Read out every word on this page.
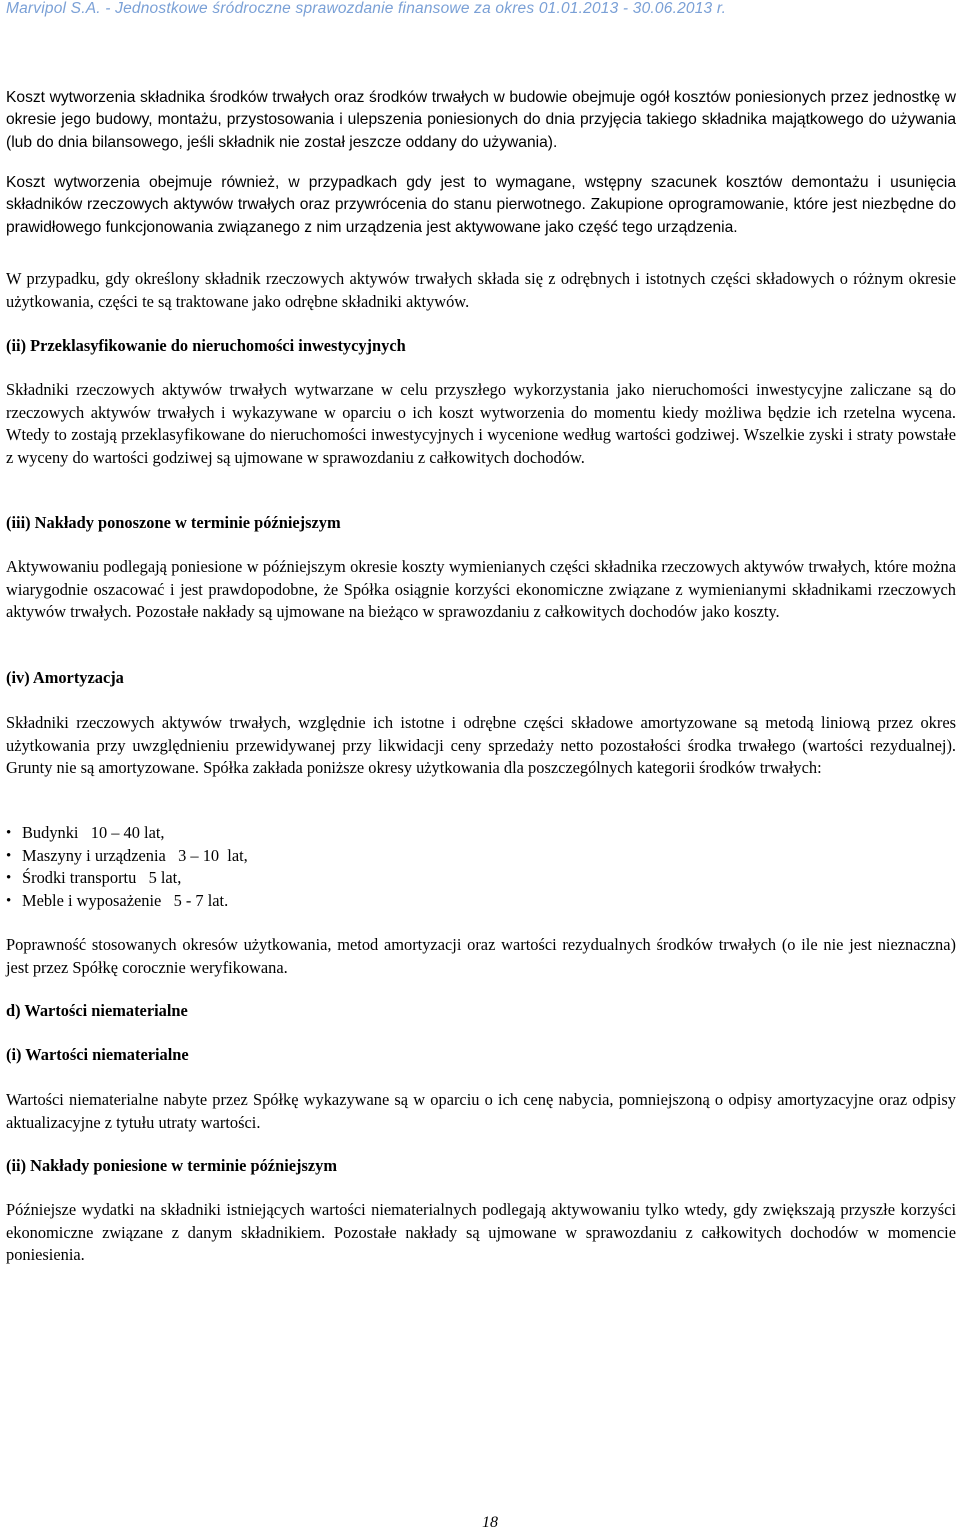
Marvipol S.A. - Jednostkowe śródroczne sprawozdanie finansowe za okres 01.01.2013 - 30.06.2013 r.

Koszt wytworzenia składnika środków trwałych oraz środków trwałych w budowie obejmuje ogół kosztów poniesionych przez jednostkę w okresie jego budowy, montażu, przystosowania i ulepszenia poniesionych do dnia przyjęcia takiego składnika majątkowego do używania (lub do dnia bilansowego, jeśli składnik nie został jeszcze oddany do używania).

Koszt wytworzenia obejmuje również, w przypadkach gdy jest to wymagane, wstępny szacunek kosztów demontażu i usunięcia składników rzeczowych aktywów trwałych oraz przywrócenia do stanu pierwotnego. Zakupione oprogramowanie, które jest niezbędne do prawidłowego funkcjonowania związanego z nim urządzenia jest aktywowane jako część tego urządzenia.

W przypadku, gdy określony składnik rzeczowych aktywów trwałych składa się z odrębnych i istotnych części składowych o różnym okresie użytkowania, części te są traktowane jako odrębne składniki aktywów.

(ii) Przeklasyfikowanie do nieruchomości inwestycyjnych

Składniki rzeczowych aktywów trwałych wytwarzane w celu przyszłego wykorzystania jako nieruchomości inwestycyjne zaliczane są do rzeczowych aktywów trwałych i wykazywane w oparciu o ich koszt wytworzenia do momentu kiedy możliwa będzie ich rzetelna wycena. Wtedy to zostają przeklasyfikowane do nieruchomości inwestycyjnych i wycenione według wartości godziwej. Wszelkie zyski i straty powstałe z wyceny do wartości godziwej są ujmowane w sprawozdaniu z całkowitych dochodów.

(iii) Nakłady ponoszone w terminie późniejszym

Aktywowaniu podlegają poniesione w późniejszym okresie koszty wymienianych części składnika rzeczowych aktywów trwałych, które można wiarygodnie oszacować i jest prawdopodobne, że Spółka osiągnie korzyści ekonomiczne związane z wymienianymi składnikami rzeczowych aktywów trwałych. Pozostałe nakłady są ujmowane na bieżąco w sprawozdaniu z całkowitych dochodów jako koszty.

(iv) Amortyzacja

Składniki rzeczowych aktywów trwałych, względnie ich istotne i odrębne części składowe amortyzowane są metodą liniową przez okres użytkowania przy uwzględnieniu przewidywanej przy likwidacji ceny sprzedaży netto pozostałości środka trwałego (wartości rezydualnej). Grunty nie są amortyzowane. Spółka zakłada poniższe okresy użytkowania dla poszczególnych kategorii środków trwałych:

• Budynki   10 – 40 lat,
• Maszyny i urządzenia   3 – 10  lat,
• Środki transportu   5 lat,
• Meble i wyposażenie   5 - 7 lat.

Poprawność stosowanych okresów użytkowania, metod amortyzacji oraz wartości rezydualnych środków trwałych (o ile nie jest nieznaczna) jest przez Spółkę corocznie weryfikowana.

d) Wartości niematerialne
(i) Wartości niematerialne

Wartości niematerialne nabyte przez Spółkę wykazywane są w oparciu o ich cenę nabycia, pomniejszoną o odpisy amortyzacyjne oraz odpisy aktualizacyjne z tytułu utraty wartości.

(ii) Nakłady poniesione w terminie późniejszym

Późniejsze wydatki na składniki istniejących wartości niematerialnych podlegają aktywowaniu tylko wtedy, gdy zwiększają przyszłe korzyści ekonomiczne związane z danym składnikiem. Pozostałe nakłady są ujmowane w sprawozdaniu z całkowitych dochodów w momencie poniesienia.

18
